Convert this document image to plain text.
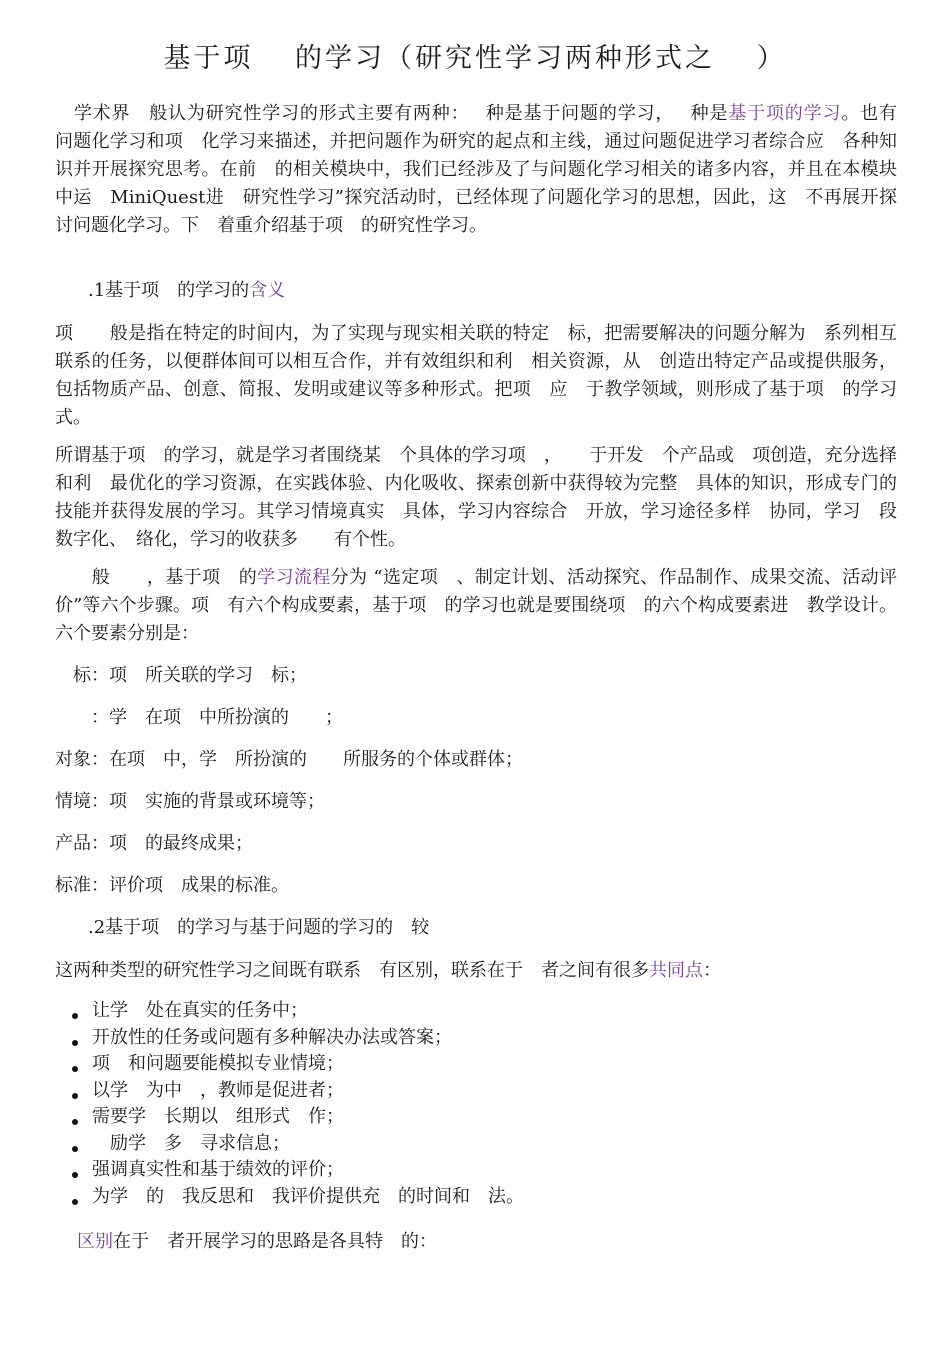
基于项　 的学习（研究性学习两种形式之　 ）

　学术界　般认为研究性学习的形式主要有两种：　 种是基于问题的学习，　 种是基于项的学习。也有　　问题化学习和项　化学习来描述，并把问题作为研究的起点和主线，通过问题促进学习者综合应　各种知识并开展探究思考。在前　的相关模块中，我们已经涉及了与问题化学习相关的诸多内容，并且在本模块中运　MiniQuest进　研究性学习”探究活动时，已经体现了问题化学习的思想，因此，这　不再展开探讨问题化学习。下　着重介绍基于项　的研究性学习。

.1基于项　的学习的含义

项　　般是指在特定的时间内，为了实现与现实相关联的特定　标，把需要解决的问题分解为　系列相互联系的任务，以便群体间可以相互合作，并有效组织和利　相关资源，从　创造出特定产品或提供服务，包括物质产品、创意、简报、发明或建议等多种形式。把项　应　于教学领域，则形成了基于项　的学习　式。

所谓基于项　的学习，就是学习者围绕某　个具体的学习项　，　　于开发　个产品或　项创造，充分选择和利　最优化的学习资源，在实践体验、内化吸收、探索创新中获得较为完整　具体的知识，形成专门的技能并获得发展的学习。其学习情境真实　具体，学习内容综合　开放，学习途径多样　协同，学习　段数字化、　络化，学习的收获多　　有个性。

　　般　　，基于项　的学习流程分为 “选定项　、制定计划、活动探究、作品制作、成果交流、活动评价”等六个步骤。项　有六个构成要素，基于项　的学习也就是要围绕项　的六个构成要素进　教学设计。六个要素分别是：

　标：项　所关联的学习　标；

　　：学　在项　中所扮演的　　；

对象：在项　中，学　所扮演的　　所服务的个体或群体；

情境：项　实施的背景或环境等；

产品：项　的最终成果；

标准：评价项　成果的标准。

.2基于项　的学习与基于问题的学习的　较

这两种类型的研究性学习之间既有联系　有区别，联系在于　者之间有很多共同点：

让学　处在真实的任务中；
开放性的任务或问题有多种解决办法或答案；
项　和问题要能模拟专业情境；
以学　为中　，教师是促进者；
需要学　长期以　组形式　作；
　励学　多　寻求信息；
强调真实性和基于绩效的评价；
为学　的　我反思和　我评价提供充　的时间和　法。

区别在于　者开展学习的思路是各具特　的：
